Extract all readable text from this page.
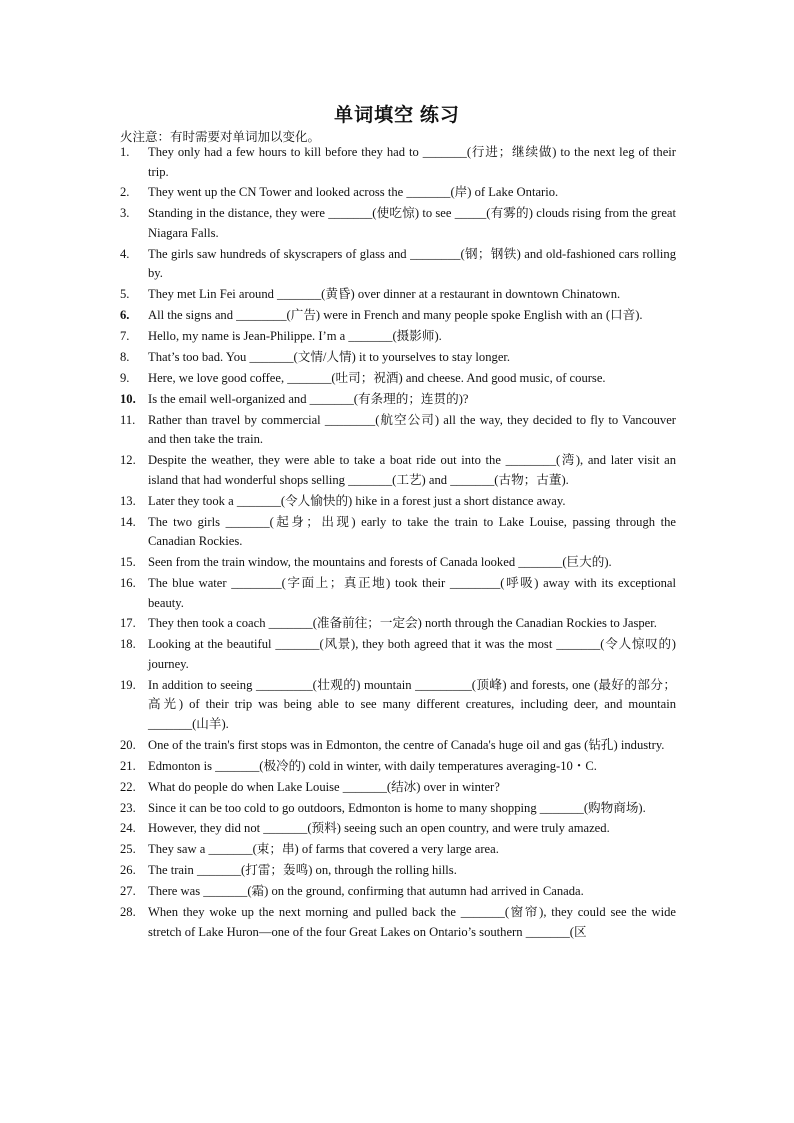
单词填空 练习
火注意：有时需要对单词加以变化。
1.	They only had a few hours to kill before they had to _______(行进；继续做) to the next leg of their trip.
2.	They went up the CN Tower and looked across the _______(岸) of Lake Ontario.
3.	Standing in the distance, they were _______(使吃惊) to see _____(有雾的) clouds rising from the great Niagara Falls.
4.	The girls saw hundreds of skyscrapers of glass and ________(钢；钢铁) and old-fashioned cars rolling by.
5.	They met Lin Fei around _______(黄昏) over dinner at a restaurant in downtown Chinatown.
6.	All the signs and ________(广告) were in French and many people spoke English with an (口音).
7.	Hello, my name is Jean-Philippe. I’m a _______(摄影师).
8.	That’s too bad. You _______(文情/人情) it to yourselves to stay longer.
9.	Here, we love good coffee, _______(吐司；祝酒) and cheese. And good music, of course.
10. Is the email well-organized and _______(有条理的；连贯的)?
11.	Rather than travel by commercial ________(航空公司) all the way, they decided to fly to Vancouver and then take the train.
12. Despite the weather, they were able to take a boat ride out into the ________(湾), and later visit an island that had wonderful shops selling _______(工艺) and _______(古物；古董).
13. Later they took a _______(令人愉快的) hike in a forest just a short distance away.
14. The two girls _______(起身；出现) early to take the train to Lake Louise, passing through the Canadian Rockies.
15. Seen from the train window, the mountains and forests of Canada looked _______(巨大的).
16. The blue water ________(字面上；真正地) took their ________(呼吸) away with its exceptional beauty.
17. They then took a coach _______(准备前往；一定会) north through the Canadian Rockies to Jasper.
18. Looking at the beautiful _______(风景), they both agreed that it was the most _______(令人惊叹的) journey.
19. In addition to seeing _________(壮观的) mountain _________(顶峰) and forests, one (最好的部分；高光) of their trip was being able to see many different creatures, including deer, and mountain _______(山羊).
20. One of the train's first stops was in Edmonton, the centre of Canada's huge oil and gas (钻孔) industry.
21. Edmonton is _______(极冷的) cold in winter, with daily temperatures averaging-10・C.
22. What do people do when Lake Louise _______(结冰) over in winter?
23. Since it can be too cold to go outdoors, Edmonton is home to many shopping _______(购物商场).
24. However, they did not _______(预料) seeing such an open country, and were truly amazed.
25. They saw a _______(束；串) of farms that covered a very large area.
26. The train _______(打雷；轰鸣) on, through the rolling hills.
27. There was _______(霜) on the ground, confirming that autumn had arrived in Canada.
28. When they woke up the next morning and pulled back the _______(窗帘), they could see the wide stretch of Lake Huron—one of the four Great Lakes on Ontario’s southern _______(区
